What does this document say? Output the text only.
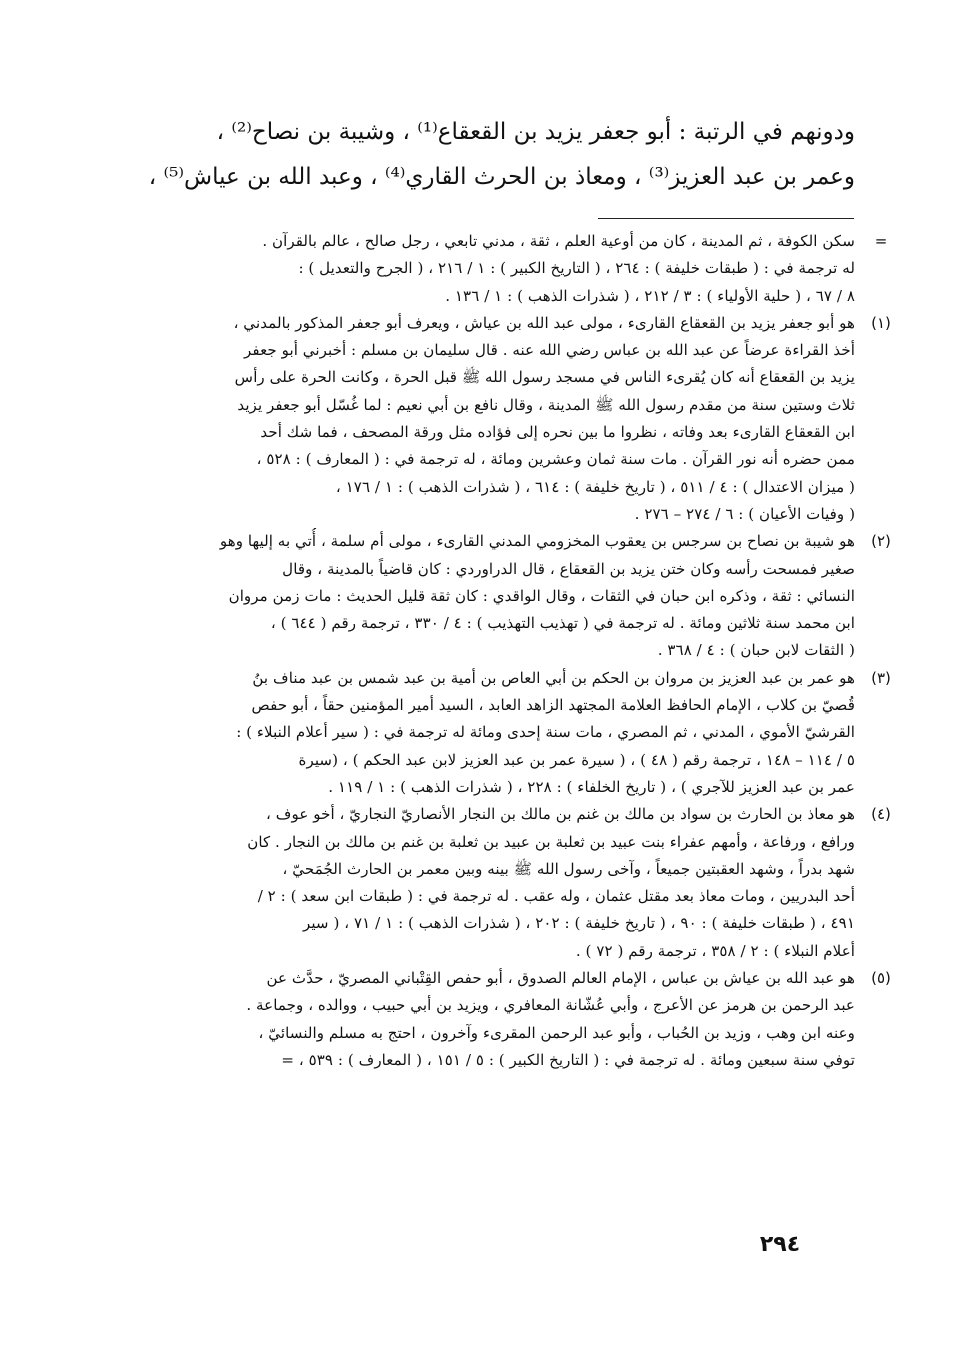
ودونهم في الرتبة : أبو جعفر يزيد بن القعقاع⁽¹⁾ ، وشيبة بن نصاح⁽²⁾ ،
وعمر بن عبد العزيز⁽³⁾ ، ومعاذ بن الحرث القاري⁽⁴⁾ ، وعبد الله بن عياش⁽⁵⁾ ،
=
سكن الكوفة ، ثم المدينة ، كان من أوعية العلم ، ثقة ، مدني تابعي ، رجل صالح ، عالم بالقرآن .
له ترجمة في : ( طبقات خليفة ) : ٢٦٤ ، ( التاريخ الكبير ) : ١ / ٢١٦ ، ( الجرح والتعديل ) :
٨ / ٦٧ ، ( حلية الأولياء ) : ٣ / ٢١٢ ، ( شذرات الذهب ) : ١ / ١٣٦ .
(١)
هو أبو جعفر يزيد بن القعقاع القارىء ، مولى عبد الله بن عياش ، ويعرف أبو جعفر المذكور بالمدني ،
أخذ القراءة عرضاً عن عبد الله بن عباس رضي الله عنه . قال سليمان بن مسلم : أخبرني أبو جعفر
يزيد بن القعقاع أنه كان يُقرىء الناس في مسجد رسول الله ﷺ قبل الحرة ، وكانت الحرة على رأس
ثلاث وستين سنة من مقدم رسول الله ﷺ المدينة ، وقال نافع بن أبي نعيم : لما غُسّل أبو جعفر يزيد
ابن القعقاع القارىء بعد وفاته ، نظروا ما بين نحره إلى فؤاده مثل ورقة المصحف ، فما شك أحد
ممن حضره أنه نور القرآن . مات سنة ثمان وعشرين ومائة ، له ترجمة في : ( المعارف ) : ٥٢٨ ،
( ميزان الاعتدال ) : ٤ / ٥١١ ، ( تاريخ خليفة ) : ٦١٤ ، ( شذرات الذهب ) : ١ / ١٧٦ ،
( وفيات الأعيان ) : ٦ / ٢٧٤ – ٢٧٦ .
(٢)
هو شيبة بن نصاح بن سرجس بن يعقوب المخزومي المدني القارىء ، مولى أم سلمة ، أُتي به إليها وهو
صغير فمسحت رأسه وكان ختن يزيد بن القعقاع ، قال الدراوردي : كان قاضياً بالمدينة ، وقال
النسائي : ثقة ، وذكره ابن حبان في الثقات ، وقال الواقدي : كان ثقة قليل الحديث : مات زمن مروان
ابن محمد سنة ثلاثين ومائة . له ترجمة في ( تهذيب التهذيب ) : ٤ / ٣٣٠ ، ترجمة رقم ( ٦٤٤ ) ،
( الثقات لابن حبان ) : ٤ / ٣٦٨ .
(٣)
هو عمر بن عبد العزيز بن مروان بن الحكم بن أبي العاص بن أمية بن عبد شمس بن عبد مناف بنُ
قُصيّ بن كلاب ، الإمام الحافظ العلامة المجتهد الزاهد العابد ، السيد أمير المؤمنين حقاً ، أبو حفص
القرشيّ الأموي ، المدني ، ثم المصري ، مات سنة إحدى ومائة له ترجمة في : ( سير أعلام النبلاء ) :
٥ / ١١٤ – ١٤٨ ، ترجمة رقم ( ٤٨ ) ، ( سيرة عمر بن عبد العزيز لابن عبد الحكم ) ، (سيرة
عمر بن عبد العزيز للآجري ) ، ( تاريخ الخلفاء ) : ٢٢٨ ، ( شذرات الذهب ) : ١ / ١١٩ .
(٤)
هو معاذ بن الحارث بن سواد بن مالك بن غنم بن مالك بن النجار الأنصاريّ النجاريّ ، أخو عوف ،
ورافع ، ورفاعة ، وأمهم عفراء بنت عبيد بن ثعلبة بن عبيد بن ثعلبة بن غنم بن مالك بن النجار . كان
شهد بدراً ، وشهد العقبتين جميعاً ، وآخى رسول الله ﷺ بينه وبين معمر بن الحارث الجُمَحيّ ،
أحد البدريين ، ومات معاذ بعد مقتل عثمان ، وله عقب . له ترجمة في : ( طبقات ابن سعد ) : ٢ /
٤٩١ ، ( طبقات خليفة ) : ٩٠ ، ( تاريخ خليفة ) : ٢٠٢ ، ( شذرات الذهب ) : ١ / ٧١ ، ( سير
أعلام النبلاء ) : ٢ / ٣٥٨ ، ترجمة رقم ( ٧٢ ) .
(٥)
هو عبد الله بن عياش بن عباس ، الإمام العالم الصدوق ، أبو حفص القِتْباني المصريّ ، حدَّث عن
عبد الرحمن بن هرمز عن الأعرج ، وأبي عُشّانة المعافري ، ويزيد بن أبي حبيب ، ووالده ، وجماعة .
وعنه ابن وهب ، وزيد بن الحُباب ، وأبو عبد الرحمن المقرىء وآخرون ، احتج به مسلم والنسائيّ ،
توفي سنة سبعين ومائة . له ترجمة في : ( التاريخ الكبير ) : ٥ / ١٥١ ، ( المعارف ) : ٥٣٩ ، =
٢٩٤
